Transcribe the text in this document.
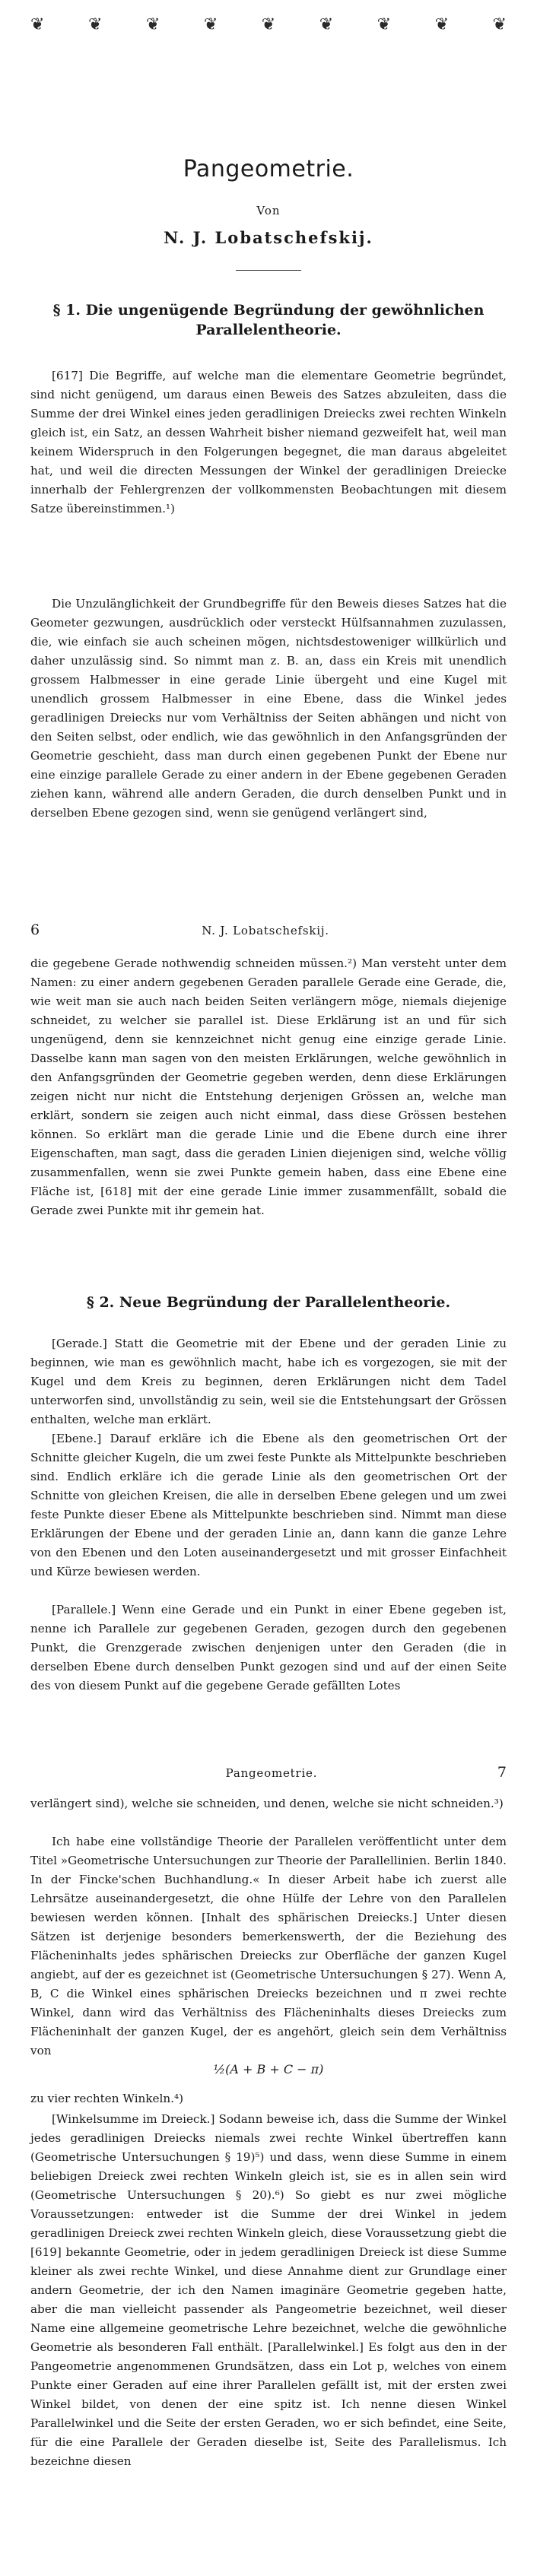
❦	❦	❦	❦	❦	❦	❦	❦	❦
Pangeometrie.
Von
N. J. Lobatschefskij.
§ 1. Die ungenügende Begründung der gewöhnlichen
Parallelentheorie.

[617] Die Begriffe, auf welche man die elementare Geometrie begründet, sind nicht genügend, um daraus einen Beweis des Satzes abzuleiten, dass die Summe der drei Winkel eines jeden geradlinigen Dreiecks zwei rechten Winkeln gleich ist, ein Satz, an dessen Wahrheit bisher niemand gezweifelt hat, weil man keinem Widerspruch in den Folgerungen begegnet, die man daraus abgeleitet hat, und weil die directen Messungen der Winkel der geradlinigen Dreiecke innerhalb der Fehlergrenzen der vollkommensten Beobachtungen mit diesem Satze übereinstimmen.¹)

Die Unzulänglichkeit der Grundbegriffe für den Beweis dieses Satzes hat die Geometer gezwungen, ausdrücklich oder versteckt Hülfsannahmen zuzulassen, die, wie einfach sie auch scheinen mögen, nichtsdestoweniger willkürlich und daher unzulässig sind. So nimmt man z. B. an, dass ein Kreis mit unendlich grossem Halbmesser in eine gerade Linie übergeht und eine Kugel mit unendlich grossem Halbmesser in eine Ebene, dass die Winkel jedes geradlinigen Dreiecks nur vom Verhältniss der Seiten abhängen und nicht von den Seiten selbst, oder endlich, wie das gewöhnlich in den Anfangsgründen der Geometrie geschieht, dass man durch einen gegebenen Punkt der Ebene nur eine einzige parallele Gerade zu einer andern in der Ebene gegebenen Geraden ziehen kann, während alle andern Geraden, die durch denselben Punkt und in derselben Ebene gezogen sind, wenn sie genügend verlängert sind,

6	N. J. Lobatschefskij.

die gegebene Gerade nothwendig schneiden müssen.²) Man versteht unter dem Namen: zu einer andern gegebenen Geraden parallele Gerade eine Gerade, die, wie weit man sie auch nach beiden Seiten verlängern möge, niemals diejenige schneidet, zu welcher sie parallel ist. Diese Erklärung ist an und für sich ungenügend, denn sie kennzeichnet nicht genug eine einzige gerade Linie. Dasselbe kann man sagen von den meisten Erklärungen, welche gewöhnlich in den Anfangsgründen der Geometrie gegeben werden, denn diese Erklärungen zeigen nicht nur nicht die Entstehung derjenigen Grössen an, welche man erklärt, sondern sie zeigen auch nicht einmal, dass diese Grössen bestehen können. So erklärt man die gerade Linie und die Ebene durch eine ihrer Eigenschaften, man sagt, dass die geraden Linien diejenigen sind, welche völlig zusammenfallen, wenn sie zwei Punkte gemein haben, dass eine Ebene eine Fläche ist, [618] mit der eine gerade Linie immer zusammenfällt, sobald die Gerade zwei Punkte mit ihr gemein hat.

§ 2. Neue Begründung der Parallelentheorie.

[Gerade.] Statt die Geometrie mit der Ebene und der geraden Linie zu beginnen, wie man es gewöhnlich macht, habe ich es vorgezogen, sie mit der Kugel und dem Kreis zu beginnen, deren Erklärungen nicht dem Tadel unterworfen sind, unvollständig zu sein, weil sie die Entstehungsart der Grössen enthalten, welche man erklärt.

[Ebene.] Darauf erkläre ich die Ebene als den geometrischen Ort der Schnitte gleicher Kugeln, die um zwei feste Punkte als Mittelpunkte beschrieben sind. Endlich erkläre ich die gerade Linie als den geometrischen Ort der Schnitte von gleichen Kreisen, die alle in derselben Ebene gelegen und um zwei feste Punkte dieser Ebene als Mittelpunkte beschrieben sind. Nimmt man diese Erklärungen der Ebene und der geraden Linie an, dann kann die ganze Lehre von den Ebenen und den Loten auseinandergesetzt und mit grosser Einfachheit und Kürze bewiesen werden.

[Parallele.] Wenn eine Gerade und ein Punkt in einer Ebene gegeben ist, nenne ich Parallele zur gegebenen Geraden, gezogen durch den gegebenen Punkt, die Grenzgerade zwischen denjenigen unter den Geraden (die in derselben Ebene durch denselben Punkt gezogen sind und auf der einen Seite des von diesem Punkt auf die gegebene Gerade gefällten Lotes

Pangeometrie.	7

verlängert sind), welche sie schneiden, und denen, welche sie nicht schneiden.³)

Ich habe eine vollständige Theorie der Parallelen veröffentlicht unter dem Titel »Geometrische Untersuchungen zur Theorie der Parallellinien. Berlin 1840. In der Fincke'schen Buchhandlung.« In dieser Arbeit habe ich zuerst alle Lehrsätze auseinandergesetzt, die ohne Hülfe der Lehre von den Parallelen bewiesen werden können. [Inhalt des sphärischen Dreiecks.] Unter diesen Sätzen ist derjenige besonders bemerkenswerth, der die Beziehung des Flächeninhalts jedes sphärischen Dreiecks zur Oberfläche der ganzen Kugel angiebt, auf der es gezeichnet ist (Geometrische Untersuchungen § 27). Wenn A, B, C die Winkel eines sphärischen Dreiecks bezeichnen und π zwei rechte Winkel, dann wird das Verhältniss des Flächeninhalts dieses Dreiecks zum Flächeninhalt der ganzen Kugel, der es angehört, gleich sein dem Verhältniss von

½(A + B + C − π)

zu vier rechten Winkeln.⁴)

[Winkelsumme im Dreieck.] Sodann beweise ich, dass die Summe der Winkel jedes geradlinigen Dreiecks niemals zwei rechte Winkel übertreffen kann (Geometrische Untersuchungen § 19)⁵) und dass, wenn diese Summe in einem beliebigen Dreieck zwei rechten Winkeln gleich ist, sie es in allen sein wird (Geometrische Untersuchungen § 20).⁶) So giebt es nur zwei mögliche Voraussetzungen: entweder ist die Summe der drei Winkel in jedem geradlinigen Dreieck zwei rechten Winkeln gleich, diese Voraussetzung giebt die [619] bekannte Geometrie, oder in jedem geradlinigen Dreieck ist diese Summe kleiner als zwei rechte Winkel, und diese Annahme dient zur Grundlage einer andern Geometrie, der ich den Namen imaginäre Geometrie gegeben hatte, aber die man vielleicht passender als Pangeometrie bezeichnet, weil dieser Name eine allgemeine geometrische Lehre bezeichnet, welche die gewöhnliche Geometrie als besonderen Fall enthält. [Parallelwinkel.] Es folgt aus den in der Pangeometrie angenommenen Grundsätzen, dass ein Lot p, welches von einem Punkte einer Geraden auf eine ihrer Parallelen gefällt ist, mit der ersten zwei Winkel bildet, von denen der eine spitz ist. Ich nenne diesen Winkel Parallelwinkel und die Seite der ersten Geraden, wo er sich befindet, eine Seite, für die eine Parallele der Geraden dieselbe ist, Seite des Parallelismus. Ich bezeichne diesen
